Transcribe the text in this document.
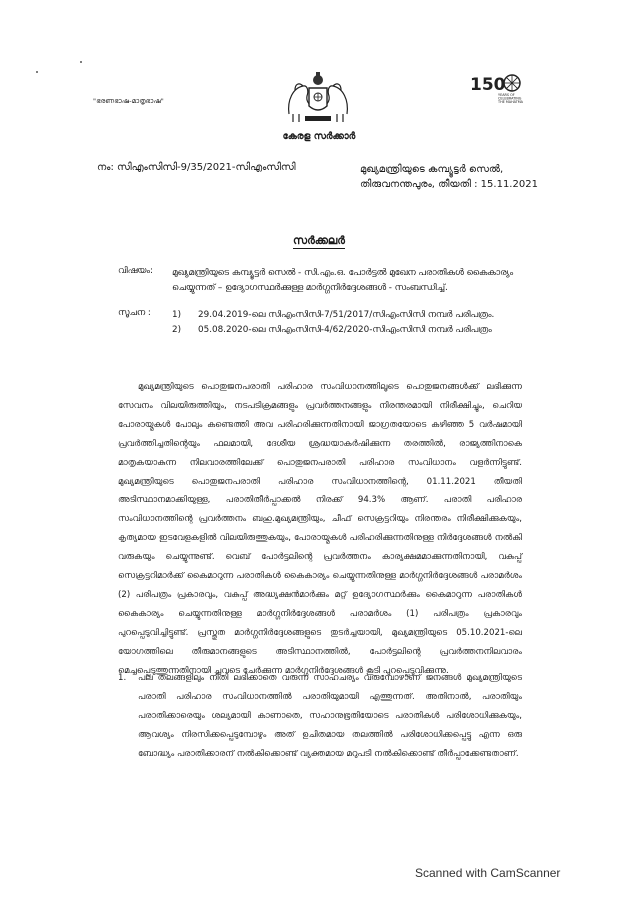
"ഭരണഭാഷ-മാതൃഭാഷ"
150
YEARS OF
CELEBRATING
THE MAHATMA
കേരള സർക്കാർ
നം: സിഎംസിസി-9/35/2021-സിഎംസിസി	മുഖ്യമന്ത്രിയുടെ കമ്പ്യൂട്ടർ സെൽ,
തിരുവനന്തപുരം, തീയതി : 15.11.2021
സർക്കലർ
വിഷയം: മുഖ്യമന്ത്രിയുടെ കമ്പ്യൂട്ടർ സെൽ - സി.എം.ഒ. പോർട്ടൽ മുഖേന പരാതികൾ കൈകാര്യം ചെയ്യുന്നത് – ഉദ്യോഗസ്ഥർക്കുള്ള മാർഗ്ഗനിർദ്ദേശങ്ങൾ - സംബന്ധിച്ച്.
സൂചന : 1)	29.04.2019-ലെ സിഎംസിസി-7/51/2017/സിഎംസിസി നമ്പർ പരിപത്രം.
2)	05.08.2020-ലെ സിഎംസിസി-4/62/2020-സിഎംസിസി നമ്പർ പരിപത്രം
മുഖ്യമന്ത്രിയുടെ പൊതുജനപരാതി പരിഹാര സംവിധാനത്തിലൂടെ പൊതുജനങ്ങൾക്ക് ലഭിക്കുന്ന സേവനം വിലയിരുത്തിയും, നടപടിക്രമങ്ങളും പ്രവർത്തനങ്ങളും നിരന്തരമായി നിരീക്ഷിച്ചും, ചെറിയ പോരായ്മകൾ പോലും കണ്ടെത്തി അവ പരിഹരിക്കുന്നതിനായി ജാഗ്രതയോടെ കഴിഞ്ഞ 5 വർഷമായി പ്രവർത്തിച്ചതിന്റെയും ഫലമായി, ദേശീയ ശ്രദ്ധയാകർഷിക്കുന്ന തരത്തിൽ, രാജ്യത്തിനാകെ മാതൃകയാകുന്ന നിലവാരത്തിലേക്ക് പൊതുജനപരാതി പരിഹാര സംവിധാനം വളർന്നിട്ടുണ്ട്. മുഖ്യമന്ത്രിയുടെ പൊതുജനപരാതി പരിഹാര സംവിധാനത്തിന്റെ, 01.11.2021 തീയതി അടിസ്ഥാനമാക്കിയുള്ള, പരാതിതീർപ്പാക്കൽ നിരക്ക് 94.3% ആണ്. പരാതി പരിഹാര സംവിധാനത്തിന്റെ പ്രവർത്തനം ബഹു.മുഖ്യമന്ത്രിയും, ചീഫ് സെക്രട്ടറിയും നിരന്തരം നിരീക്ഷിക്കുകയും, കൃത്യമായ ഇടവേളകളിൽ വിലയിരുത്തുകയും, പോരായ്മകൾ പരിഹരിക്കുന്നതിനുള്ള നിർദ്ദേശങ്ങൾ നൽകി വരുകയും ചെയ്യുന്നുണ്ട്. വെബ് പോർട്ടലിന്റെ പ്രവർത്തനം കാര്യക്ഷമമാക്കുന്നതിനായി, വകുപ്പ് സെക്രട്ടറിമാർക്ക് കൈമാറുന്ന പരാതികൾ കൈകാര്യം ചെയ്യുന്നതിനുള്ള മാർഗ്ഗനിർദ്ദേശങ്ങൾ പരാമർശം (2) പരിപത്രം പ്രകാരവും, വകുപ്പ് അദ്ധ്യക്ഷൻമാർക്കും മറ്റ് ഉദ്യോഗസ്ഥർക്കും കൈമാറുന്ന പരാതികൾ കൈകാര്യം ചെയ്യുന്നതിനുള്ള മാർഗ്ഗനിർദ്ദേശങ്ങൾ പരാമർശം (1) പരിപത്രം പ്രകാരവും പുറപ്പെടുവിച്ചിട്ടുണ്ട്. പ്രസ്തുത മാർഗ്ഗനിർദ്ദേശങ്ങളുടെ തുടർച്ചയായി, മുഖ്യമന്ത്രിയുടെ 05.10.2021-ലെ യോഗത്തിലെ തീരുമാനങ്ങളുടെ അടിസ്ഥാനത്തിൽ, പോർട്ടലിന്റെ പ്രവർത്തനനിലവാരം മെച്ചപ്പെടുത്തുന്നതിനായി ചുവടെ ചേർക്കുന്ന മാർഗ്ഗനിർദ്ദേശങ്ങൾ കൂടി പുറപ്പെടുവിക്കുന്നു.
1.	പല തലങ്ങളിലും നീതി ലഭിക്കാതെ വരുന്ന സാഹചര്യം വരുമ്പോഴാണ് ജനങ്ങൾ മുഖ്യമന്ത്രിയുടെ പരാതി പരിഹാര സംവിധാനത്തിൽ പരാതിയുമായി എത്തുന്നത്. അതിനാൽ, പരാതിയും പരാതിക്കാരെയും ശല്യമായി കാണാതെ, സഹാനുഭൂതിയോടെ പരാതികൾ പരിശോധിക്കുകയും, ആവശ്യം നിരസിക്കപ്പെടുമ്പോഴും അത് ഉചിതമായ തലത്തിൽ പരിശോധിക്കപ്പെട്ടു എന്ന ഒരു ബോദ്ധ്യം പരാതിക്കാരന് നൽകിക്കൊണ്ട് വ്യക്തമായ മറുപടി നൽകിക്കൊണ്ട് തീർപ്പാക്കേണ്ടതാണ്.
Scanned with CamScanner
